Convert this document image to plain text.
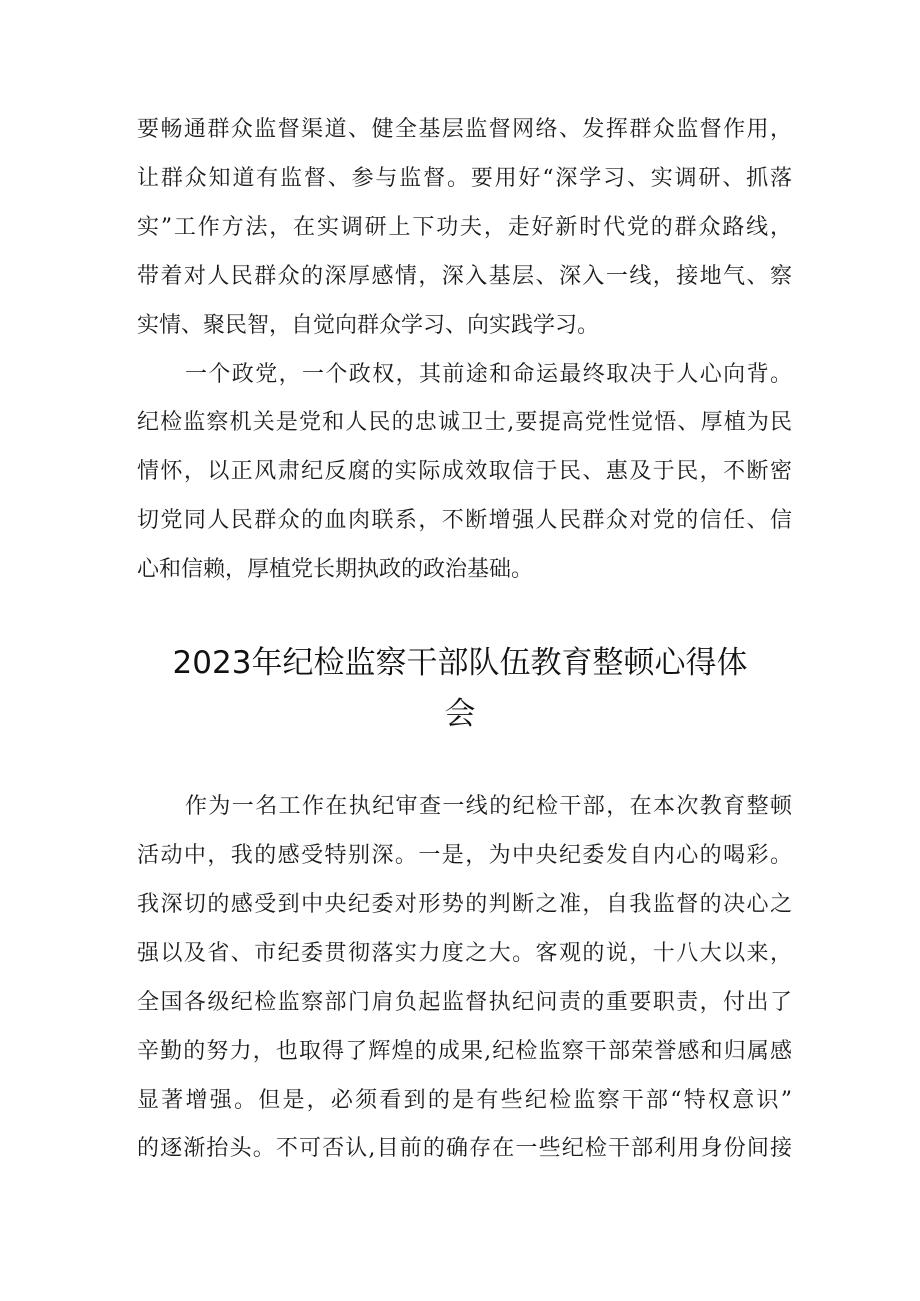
要畅通群众监督渠道、健全基层监督网络、发挥群众监督作用，
让群众知道有监督、参与监督。要用好“深学习、实调研、抓落
实”工作方法，在实调研上下功夫，走好新时代党的群众路线，
带着对人民群众的深厚感情，深入基层、深入一线，接地气、察
实情、聚民智，自觉向群众学习、向实践学习。
一个政党，一个政权，其前途和命运最终取决于人心向背。
纪检监察机关是党和人民的忠诚卫士,要提高党性觉悟、厚植为民
情怀，以正风肃纪反腐的实际成效取信于民、惠及于民，不断密
切党同人民群众的血肉联系，不断增强人民群众对党的信任、信
心和信赖，厚植党长期执政的政治基础。
2023年纪检监察干部队伍教育整顿心得体
会
作为一名工作在执纪审查一线的纪检干部，在本次教育整顿
活动中，我的感受特别深。一是，为中央纪委发自内心的喝彩。
我深切的感受到中央纪委对形势的判断之准，自我监督的决心之
强以及省、市纪委贯彻落实力度之大。客观的说，十八大以来，
全国各级纪检监察部门肩负起监督执纪问责的重要职责，付出了
辛勤的努力，也取得了辉煌的成果,纪检监察干部荣誉感和归属感
显著增强。但是，必须看到的是有些纪检监察干部“特权意识”
的逐渐抬头。不可否认,目前的确存在一些纪检干部利用身份间接
